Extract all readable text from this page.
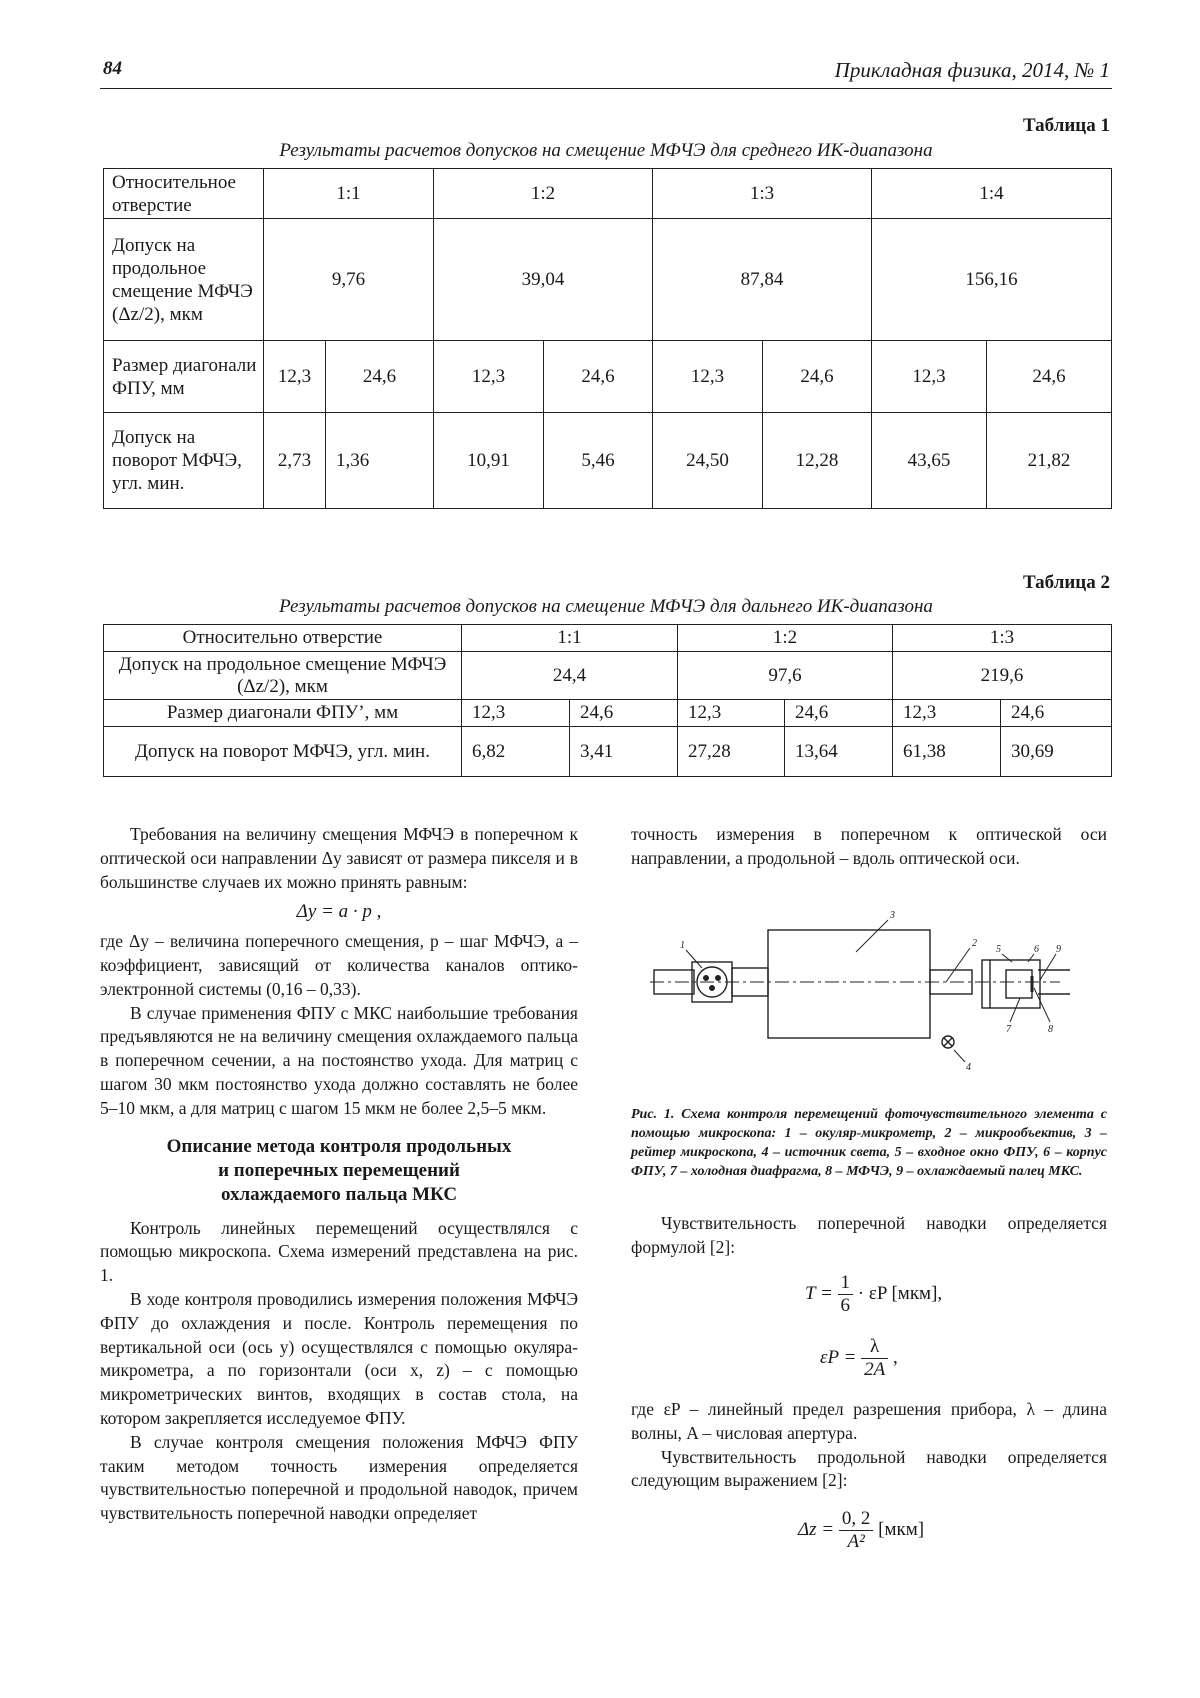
84	Прикладная физика, 2014, № 1
Таблица 1
Результаты расчетов допусков на смещение МФЧЭ для среднего ИК-диапазона
Относительное отверстие	1:1		1:2		1:3		1:4	
Допуск на продольное смещение МФЧЭ (Δz/2), мкм	9,76		39,04		87,84		156,16	
Размер диагонали ФПУ, мм	12,3	24,6	12,3	24,6	12,3	24,6	12,3	24,6
Допуск на поворот МФЧЭ, угл. мин.	2,73	1,36	10,91	5,46	24,50	12,28	43,65	21,82
Таблица 2
Результаты расчетов допусков на смещение МФЧЭ для дальнего ИК-диапазона
Относительно отверстие	1:1		1:2		1:3	
Допуск на продольное смещение МФЧЭ (Δz/2), мкм	24,4		97,6		219,6	
Размер диагонали ФПУ’, мм	12,3	24,6	12,3	24,6	12,3	24,6
Допуск на поворот МФЧЭ, угл. мин.	6,82	3,41	27,28	13,64	61,38	30,69

Требования на величину смещения МФЧЭ в поперечном к оптической оси направлении Δy зависят от размера пикселя и в большинстве случаев их можно принять равным:

Δy = a · p ,

где Δy – величина поперечного смещения, p – шаг МФЧЭ, a – коэффициент, зависящий от количества каналов оптико-электронной системы (0,16 – 0,33).

В случае применения ФПУ с МКС наибольшие требования предъявляются не на величину смещения охлаждаемого пальца в поперечном сечении, а на постоянство ухода. Для матриц с шагом 30 мкм постоянство ухода должно составлять не более 5–10 мкм, а для матриц с шагом 15 мкм не более 2,5–5 мкм.

Описание метода контроля продольных
и поперечных перемещений
охлаждаемого пальца МКС

Контроль линейных перемещений осуществлялся с помощью микроскопа. Схема измерений представлена на рис. 1.

В ходе контроля проводились измерения положения МФЧЭ ФПУ до охлаждения и после. Контроль перемещения по вертикальной оси (ось y) осуществлялся с помощью окуляра-микрометра, а по горизонтали (оси x, z) – с помощью микрометрических винтов, входящих в состав стола, на котором закрепляется исследуемое ФПУ.

В случае контроля смещения положения МФЧЭ ФПУ таким методом точность измерения определяется чувствительностью поперечной и продольной наводок, причем чувствительность поперечной наводки определяет

точность измерения в поперечном к оптической оси направлении, а продольной – вдоль оптической оси.

1	2
3
4
5	6
7	8
9
Рис. 1. Схема контроля перемещений фоточувствительного элемента с помощью микроскопа: 1 – окуляр-микрометр, 2 – микрообъектив, 3 – рейтер микроскопа, 4 – источник света, 5 – входное окно ФПУ, 6 – корпус ФПУ, 7 – холодная диафрагма, 8 – МФЧЭ, 9 – охлаждаемый палец МКС.

Чувствительность поперечной наводки определяется формулой [2]:

$T = \frac{1}{6} \cdot \varepsilon P$ [мкм],
$\varepsilon P = \frac{\lambda}{2A}$ ,

где εP – линейный предел разрешения прибора, λ – длина волны, A – числовая апертура.

Чувствительность продольной наводки определяется следующим выражением [2]:

$\Delta z = \frac{0, 2}{\text{A²}} [мкм]$
